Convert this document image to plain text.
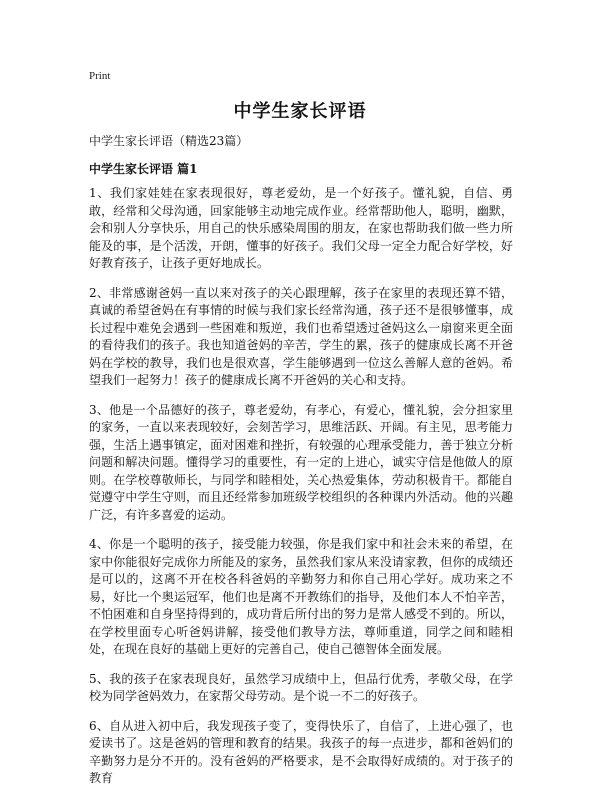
Print
中学生家长评语
中学生家长评语（精选23篇）
中学生家长评语 篇1

1、我们家娃娃在家表现很好，尊老爱幼，是一个好孩子。懂礼貌，自信、勇敢，经常和父母沟通，回家能够主动地完成作业。经常帮助他人，聪明，幽默，会和别人分享快乐，用自己的快乐感染周围的朋友，在家也帮助我们做一些力所能及的事，是个活泼，开朗，懂事的好孩子。我们父母一定全力配合好学校，好好教育孩子，让孩子更好地成长。

2、非常感谢爸妈一直以来对孩子的关心跟理解，孩子在家里的表现还算不错，真诚的希望爸妈在有事情的时候与我们家长经常沟通，孩子还不是很够懂事，成长过程中难免会遇到一些困难和叛逆，我们也希望透过爸妈这么一扇窗来更全面的看待我们的孩子。我也知道爸妈的辛苦，学生的累，孩子的健康成长离不开爸妈在学校的教导，我们也是很欢喜，学生能够遇到一位这么善解人意的爸妈。希望我们一起努力！孩子的健康成长离不开爸妈的关心和支持。

3、他是一个品德好的孩子，尊老爱幼，有孝心，有爱心，懂礼貌，会分担家里的家务，一直以来表现较好，会刻苦学习，思维活跃、开阔。有主见，思考能力强，生活上遇事镇定，面对困难和挫折，有较强的心理承受能力，善于独立分析问题和解决问题。懂得学习的重要性，有一定的上进心，诚实守信是他做人的原则。在学校尊敬师长，与同学和睦相处，关心热爱集体，劳动积极肯干。都能自觉遵守中学生守则，而且还经常参加班级学校组织的各种课内外活动。他的兴趣广泛，有许多喜爱的运动。

4、你是一个聪明的孩子，接受能力较强，你是我们家中和社会未来的希望，在家中你能很好完成你力所能及的家务，虽然我们家从来没请家教，但你的成绩还是可以的，这离不开在校各科爸妈的辛勤努力和你自己用心学好。成功来之不易，好比一个奥运冠军，他们也是离不开教练们的指导，及他们本人不怕辛苦，不怕困难和自身坚持得到的，成功背后所付出的努力是常人感受不到的。所以，在学校里面专心听爸妈讲解，接受他们教导方法，尊师重道，同学之间和睦相处，在现在良好的基础上更好的完善自己，使自己德智体全面发展。

5、我的孩子在家表现良好，虽然学习成绩中上，但品行优秀，孝敬父母，在学校为同学爸妈效力，在家帮父母劳动。是个说一不二的好孩子。

6、自从进入初中后，我发现孩子变了，变得快乐了，自信了，上进心强了，也爱读书了。这是爸妈的管理和教育的结果。我孩子的每一点进步，都和爸妈们的辛勤努力是分不开的。没有爸妈的严格要求，是不会取得好成绩的。对于孩子的教育
